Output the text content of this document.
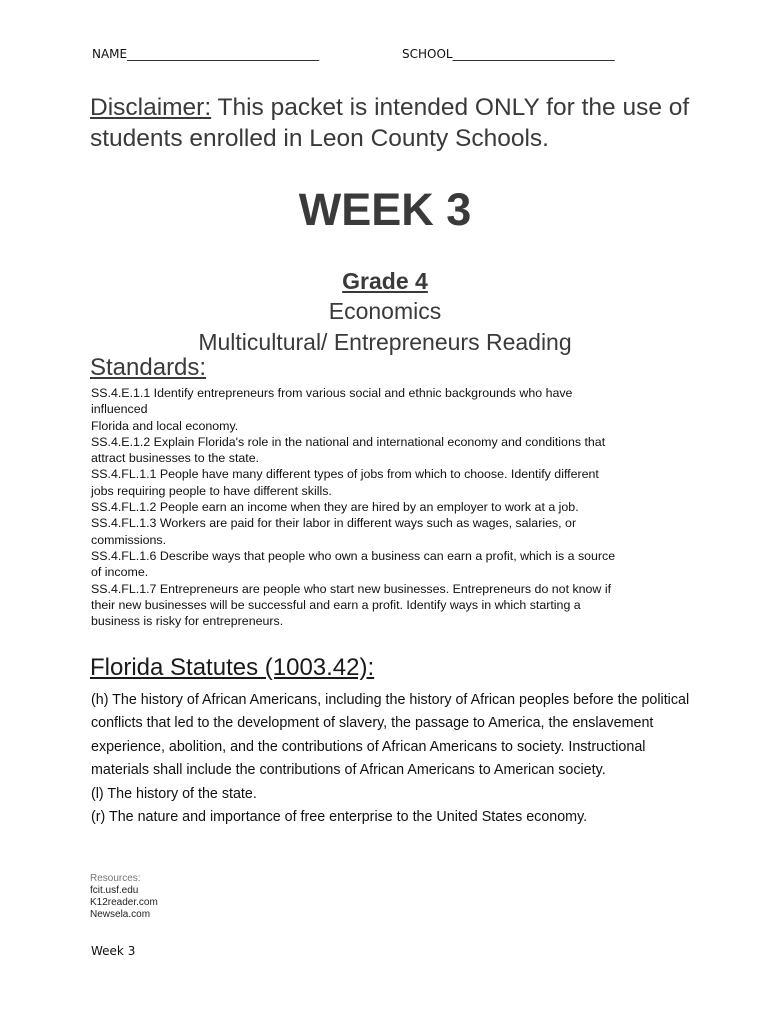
NAME________________________________	SCHOOL___________________________
Disclaimer: This packet is intended ONLY for the use of students enrolled in Leon County Schools.
WEEK 3
Grade 4
Economics
Multicultural/ Entrepreneurs Reading
Standards:
SS.4.E.1.1 Identify entrepreneurs from various social and ethnic backgrounds who have
influenced
Florida and local economy.
SS.4.E.1.2 Explain Florida's role in the national and international economy and conditions that
attract businesses to the state.
SS.4.FL.1.1 People have many different types of jobs from which to choose. Identify different
jobs requiring people to have different skills.
SS.4.FL.1.2 People earn an income when they are hired by an employer to work at a job.
SS.4.FL.1.3 Workers are paid for their labor in different ways such as wages, salaries, or
commissions.
SS.4.FL.1.6 Describe ways that people who own a business can earn a profit, which is a source
of income.
SS.4.FL.1.7 Entrepreneurs are people who start new businesses. Entrepreneurs do not know if
their new businesses will be successful and earn a profit. Identify ways in which starting a
business is risky for entrepreneurs.
Florida Statutes (1003.42):

(h) The history of African Americans, including the history of African peoples before the political conflicts that led to the development of slavery, the passage to America, the enslavement experience, abolition, and the contributions of African Americans to society. Instructional materials shall include the contributions of African Americans to American society.

(l) The history of the state.

(r) The nature and importance of free enterprise to the United States economy.

Resources:
fcit.usf.edu
K12reader.com
Newsela.com
Week 3
